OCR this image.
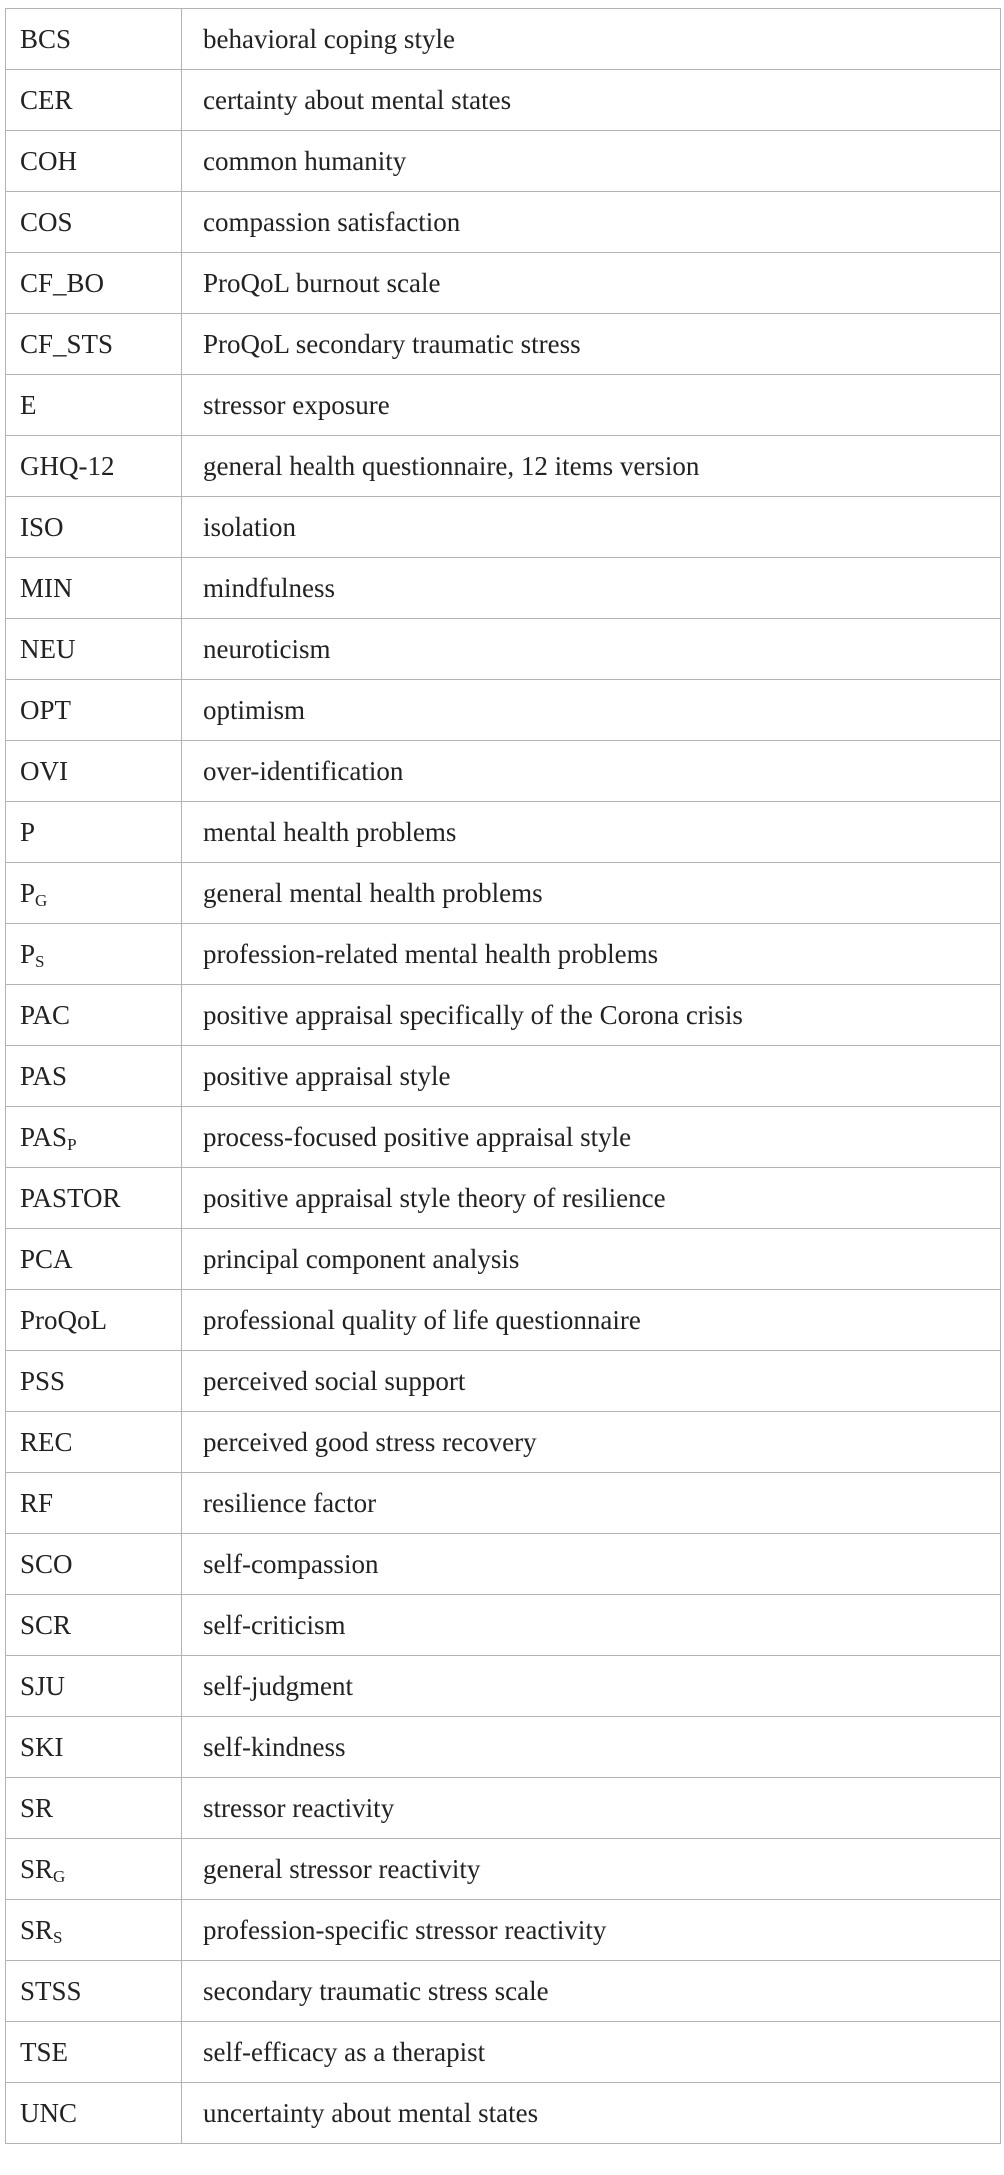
BCS	behavioral coping style
CER	certainty about mental states
COH	common humanity
COS	compassion satisfaction
CF_BO	ProQoL burnout scale
CF_STS	ProQoL secondary traumatic stress
E	stressor exposure
GHQ-12	general health questionnaire, 12 items version
ISO	isolation
MIN	mindfulness
NEU	neuroticism
OPT	optimism
OVI	over-identification
P	mental health problems
$P_G$	general mental health problems
$P_S$	profession-related mental health problems
PAC	positive appraisal specifically of the Corona crisis
PAS	positive appraisal style
$PAS_P$	process-focused positive appraisal style
PASTOR	positive appraisal style theory of resilience
PCA	principal component analysis
ProQoL	professional quality of life questionnaire
PSS	perceived social support
REC	perceived good stress recovery
RF	resilience factor
SCO	self-compassion
SCR	self-criticism
SJU	self-judgment
SKI	self-kindness
SR	stressor reactivity
$SR_G$	general stressor reactivity
$SR_S$	profession-specific stressor reactivity
STSS	secondary traumatic stress scale
TSE	self-efficacy as a therapist
UNC	uncertainty about mental states
